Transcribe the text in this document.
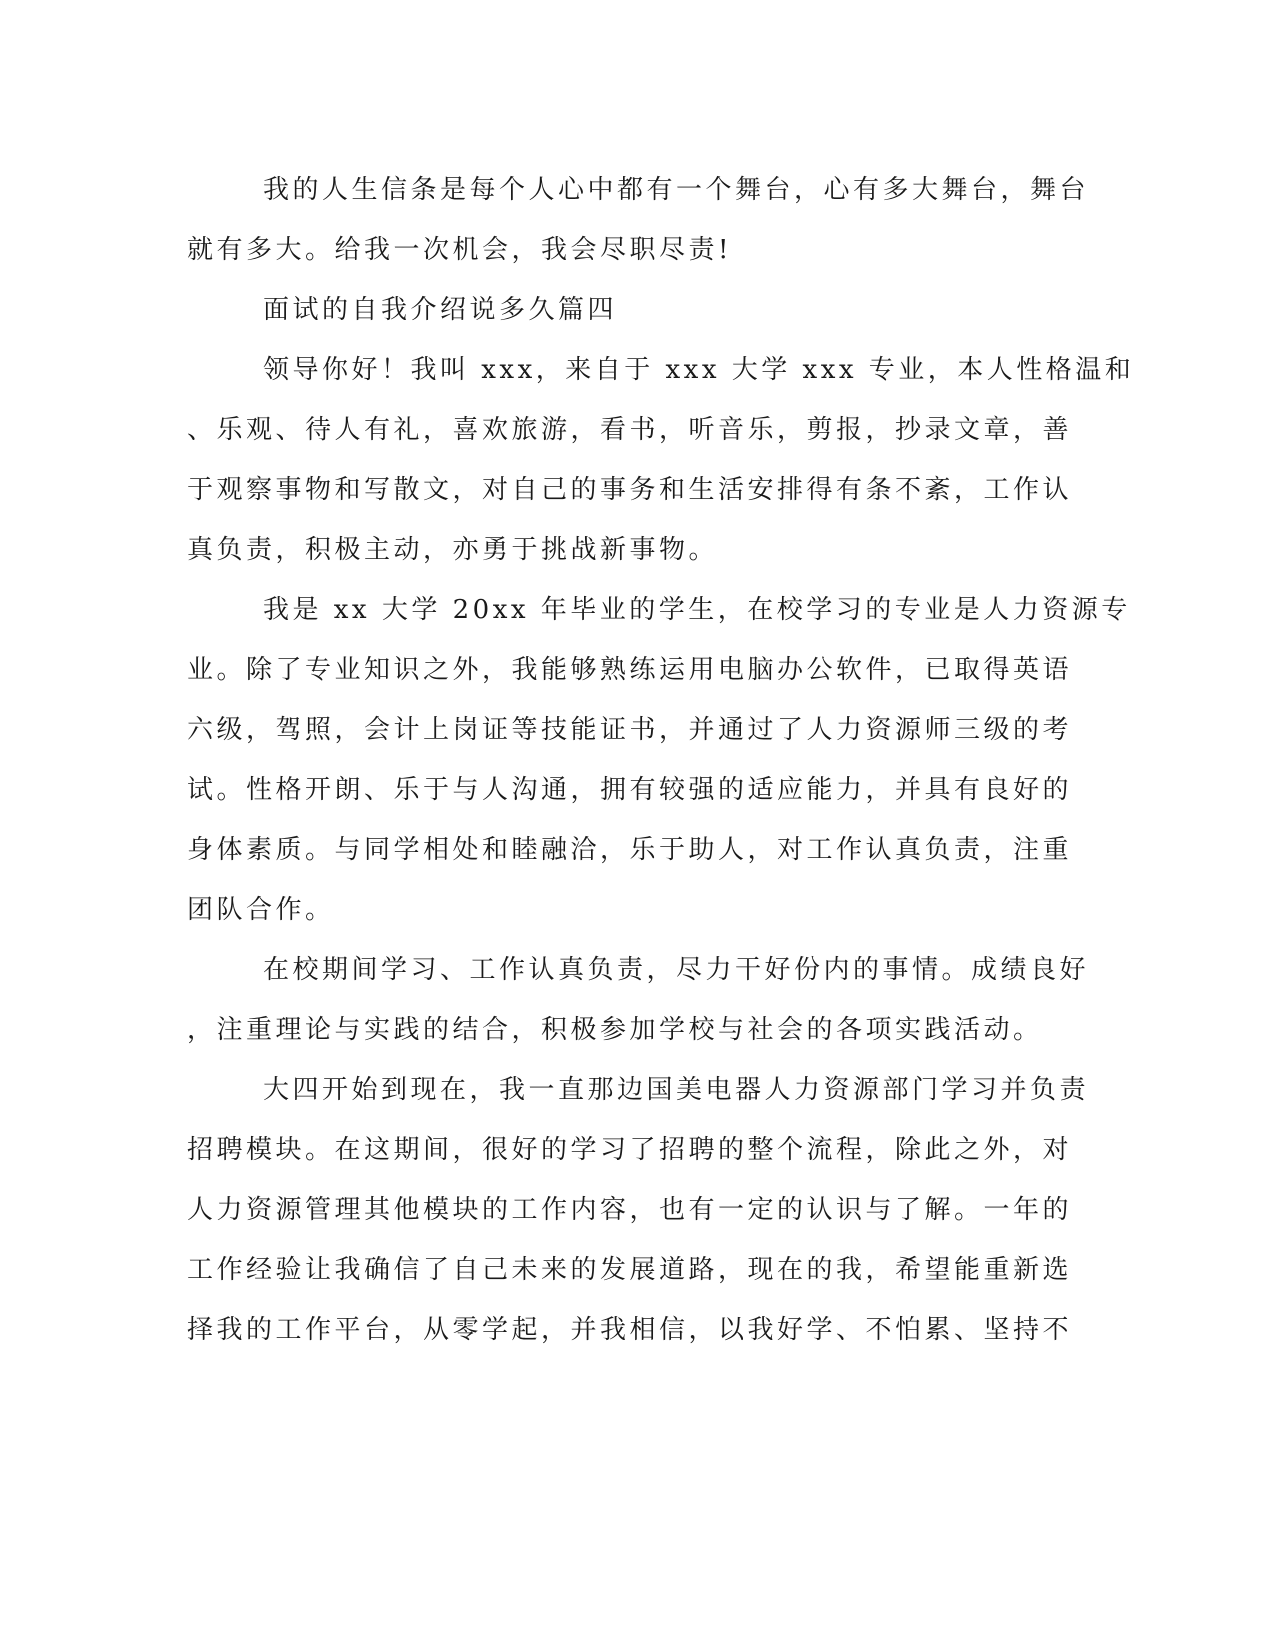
我的人生信条是每个人心中都有一个舞台，心有多大舞台，舞台
就有多大。给我一次机会，我会尽职尽责!
面试的自我介绍说多久篇四
领导你好！我叫 xxx，来自于 xxx 大学 xxx 专业，本人性格温和
、乐观、待人有礼，喜欢旅游，看书，听音乐，剪报，抄录文章，善
于观察事物和写散文，对自己的事务和生活安排得有条不紊，工作认
真负责，积极主动，亦勇于挑战新事物。
我是 xx 大学 20xx 年毕业的学生，在校学习的专业是人力资源专
业。除了专业知识之外，我能够熟练运用电脑办公软件，已取得英语
六级，驾照，会计上岗证等技能证书，并通过了人力资源师三级的考
试。性格开朗、乐于与人沟通，拥有较强的适应能力，并具有良好的
身体素质。与同学相处和睦融洽，乐于助人，对工作认真负责，注重
团队合作。
在校期间学习、工作认真负责，尽力干好份内的事情。成绩良好
，注重理论与实践的结合，积极参加学校与社会的各项实践活动。
大四开始到现在，我一直那边国美电器人力资源部门学习并负责
招聘模块。在这期间，很好的学习了招聘的整个流程，除此之外，对
人力资源管理其他模块的工作内容，也有一定的认识与了解。一年的
工作经验让我确信了自己未来的发展道路，现在的我，希望能重新选
择我的工作平台，从零学起，并我相信，以我好学、不怕累、坚持不
